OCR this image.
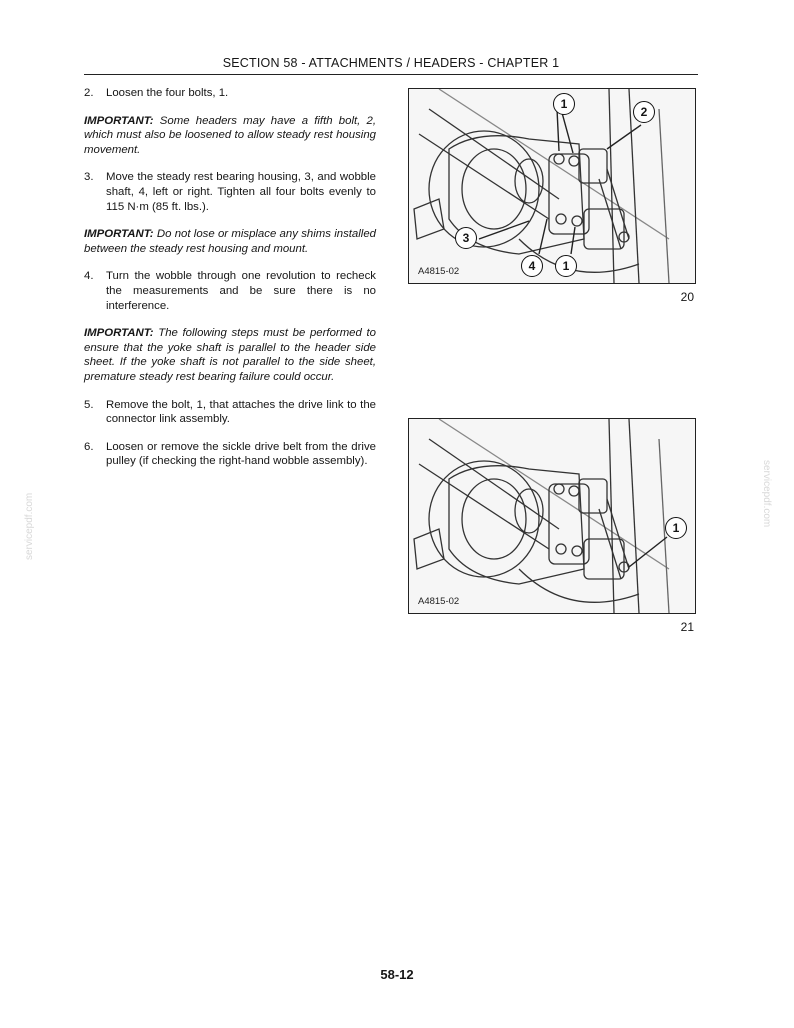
SECTION 58 - ATTACHMENTS / HEADERS - CHAPTER 1
2.	Loosen the four bolts, 1.
IMPORTANT: Some headers may have a fifth bolt, 2, which must also be loosened to allow steady rest housing movement.
3.	Move the steady rest bearing housing, 3, and wobble shaft, 4, left or right. Tighten all four bolts evenly to 115 N·m (85 ft. lbs.).
IMPORTANT: Do not lose or misplace any shims installed between the steady rest housing and mount.
4.	Turn the wobble through one revolution to recheck the measurements and be sure there is no interference.
IMPORTANT: The following steps must be performed to ensure that the yoke shaft is parallel to the header side sheet. If the yoke shaft is not parallel to the side sheet, premature steady rest bearing failure could occur.
5.	Remove the bolt, 1, that attaches the drive link to the connector link assembly.
6.	Loosen or remove the sickle drive belt from the drive pulley (if checking the right-hand wobble assembly).
1
2
3
4	1
A4815-02
20
1
A4815-02
21
servicepdf.com	servicepdf.com
58-12
